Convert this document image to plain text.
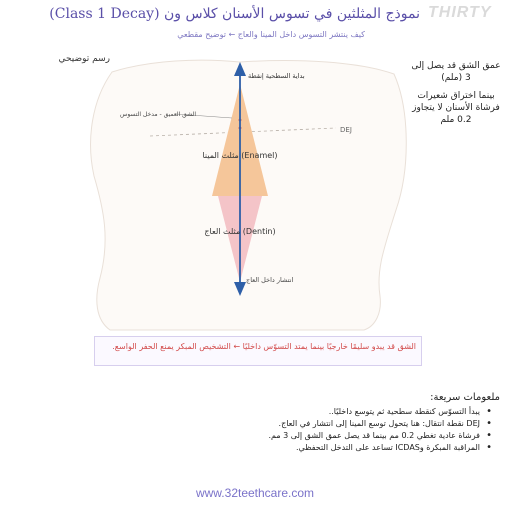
THIRTY
نموذج المثلثين في تسوس الأسنان كلاس ون (Class 1 Decay)
كيف ينتشر التسوس داخل المينا والعاج ← توضيح مقطعي
رسم توضيحي
بداية السطحية إنقطة
الشق العميق - مدخل التسوس
DEJ
مثلث المينا (Enamel)
مثلث العاج (Dentin)
انتشار داخل العاج
عمق الشق قد يصل إلى 3 (ملم)
بينما اختراق شعيرات فرشاة الأسنان لا يتجاوز 0.2 ملم
الشق قد يبدو سليمًا خارجيًا بينما يمتد التسوّس داخليًا ← التشخيص المبكر يمنع الحفر الواسع.
ملعومات سريعة:
• يبدأ التسوّس كنقطة سطحية ثم يتوسع داخليًا..
• DEJ نقطة انتقال: هنا يتحول توسع المينا إلى انتشار في العاج.
• فرشاة عادية تغطي 0.2 مم بينما قد يصل عمق الشق إلى 3 مم.
• المراقبة المبكرة وICDAS تساعد على التدخل التحفظي.
www.32teethcare.com
